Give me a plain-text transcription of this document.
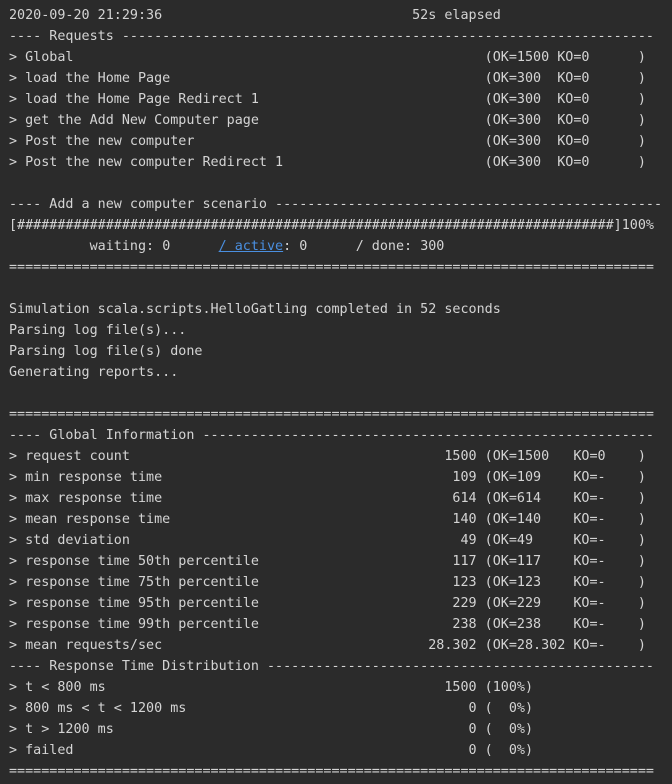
2020-09-20 21:29:36	52s elapsed
---- Requests ------------------------------------------------------------------
> Global                                                   (OK=1500 KO=0      )
> load the Home Page                                       (OK=300  KO=0      )
> load the Home Page Redirect 1                            (OK=300  KO=0      )
> get the Add New Computer page                            (OK=300  KO=0      )
> Post the new computer                                    (OK=300  KO=0      )
> Post the new computer Redirect 1                         (OK=300  KO=0      )

---- Add a new computer scenario ------------------------------------------------
[##########################################################################]100%
waiting: 0	/ active: 0	/ done: 300
================================================================================

Simulation scala.scripts.HelloGatling completed in 52 seconds
Parsing log file(s)...
Parsing log file(s) done
Generating reports...

================================================================================
---- Global Information --------------------------------------------------------
> request count                                       1500 (OK=1500   KO=0    )
> min response time                                    109 (OK=109    KO=-    )
> max response time                                    614 (OK=614    KO=-    )
> mean response time                                   140 (OK=140    KO=-    )
> std deviation                                         49 (OK=49     KO=-    )
> response time 50th percentile                        117 (OK=117    KO=-    )
> response time 75th percentile                        123 (OK=123    KO=-    )
> response time 95th percentile                        229 (OK=229    KO=-    )
> response time 99th percentile                        238 (OK=238    KO=-    )
> mean requests/sec                                 28.302 (OK=28.302 KO=-    )
---- Response Time Distribution ------------------------------------------------
> t < 800 ms                                          1500 (100%)
> 800 ms < t < 1200 ms                                   0 (  0%)
> t > 1200 ms                                            0 (  0%)
> failed                                                 0 (  0%)
================================================================================
